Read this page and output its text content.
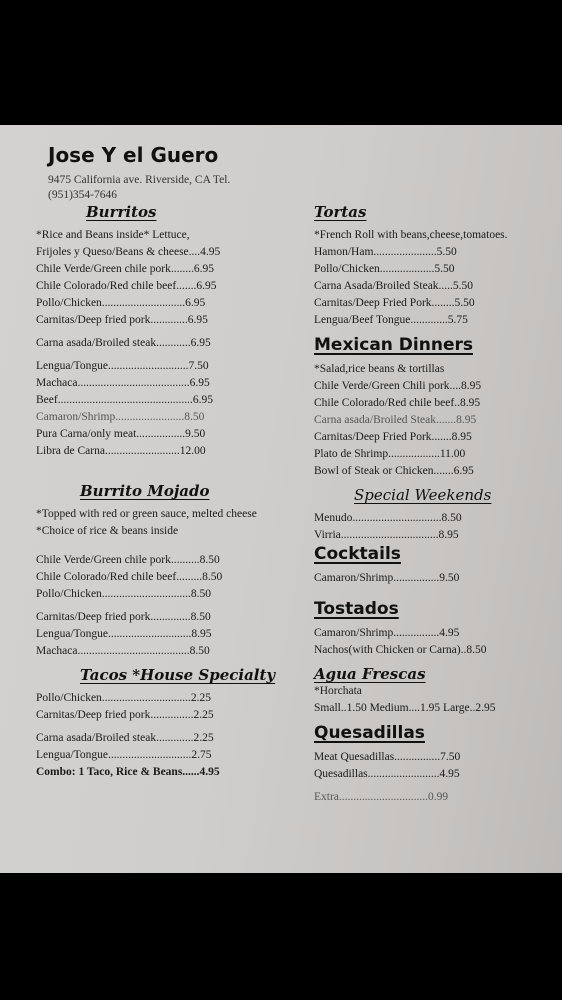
Jose Y el Guero
9475 California ave. Riverside, CA Tel.
(951)354-7646
Burritos
*Rice and Beans inside* Lettuce,
Frijoles y Queso/Beans & cheese....4.95
Chile Verde/Green chile pork........6.95
Chile Colorado/Red chile beef.......6.95
Pollo/Chicken.............................6.95
Carnitas/Deep fried pork.............6.95
Carna asada/Broiled steak............6.95
Lengua/Tongue............................7.50
Machaca.......................................6.95
Beef...............................................6.95
Camaron/Shrimp........................8.50
Pura Carna/only meat.................9.50
Libra de Carna..........................12.00
Burrito Mojado
*Topped with red or green sauce, melted cheese
*Choice of rice & beans inside
Chile Verde/Green chile pork..........8.50
Chile Colorado/Red chile beef.........8.50
Pollo/Chicken...............................8.50
Carnitas/Deep fried pork..............8.50
Lengua/Tongue.............................8.95
Machaca.......................................8.50
Tacos *House Specialty
Pollo/Chicken...............................2.25
Carnitas/Deep fried pork...............2.25
Carna asada/Broiled steak.............2.25
Lengua/Tongue.............................2.75
Combo: 1 Taco, Rice & Beans......4.95
Tortas
*French Roll with beans,cheese,tomatoes.
Hamon/Ham......................5.50
Pollo/Chicken...................5.50
Carna Asada/Broiled Steak.....5.50
Carnitas/Deep Fried Pork........5.50
Lengua/Beef Tongue.............5.75
Mexican Dinners
*Salad,rice beans & tortillas
Chile Verde/Green Chili pork....8.95
Chile Colorado/Red chile beef..8.95
Carna asada/Broiled Steak.......8.95
Carnitas/Deep Fried Pork.......8.95
Plato de Shrimp..................11.00
Bowl of Steak or Chicken.......6.95
Special Weekends
Menudo...............................8.50
Virria..................................8.95
Cocktails
Camaron/Shrimp................9.50
Tostados
Camaron/Shrimp................4.95
Nachos(with Chicken or Carna)..8.50
Agua Frescas
*Horchata
Small..1.50 Medium....1.95 Large..2.95
Quesadillas
Meat Quesadillas................7.50
Quesadillas.........................4.95
Extra...............................0.99
